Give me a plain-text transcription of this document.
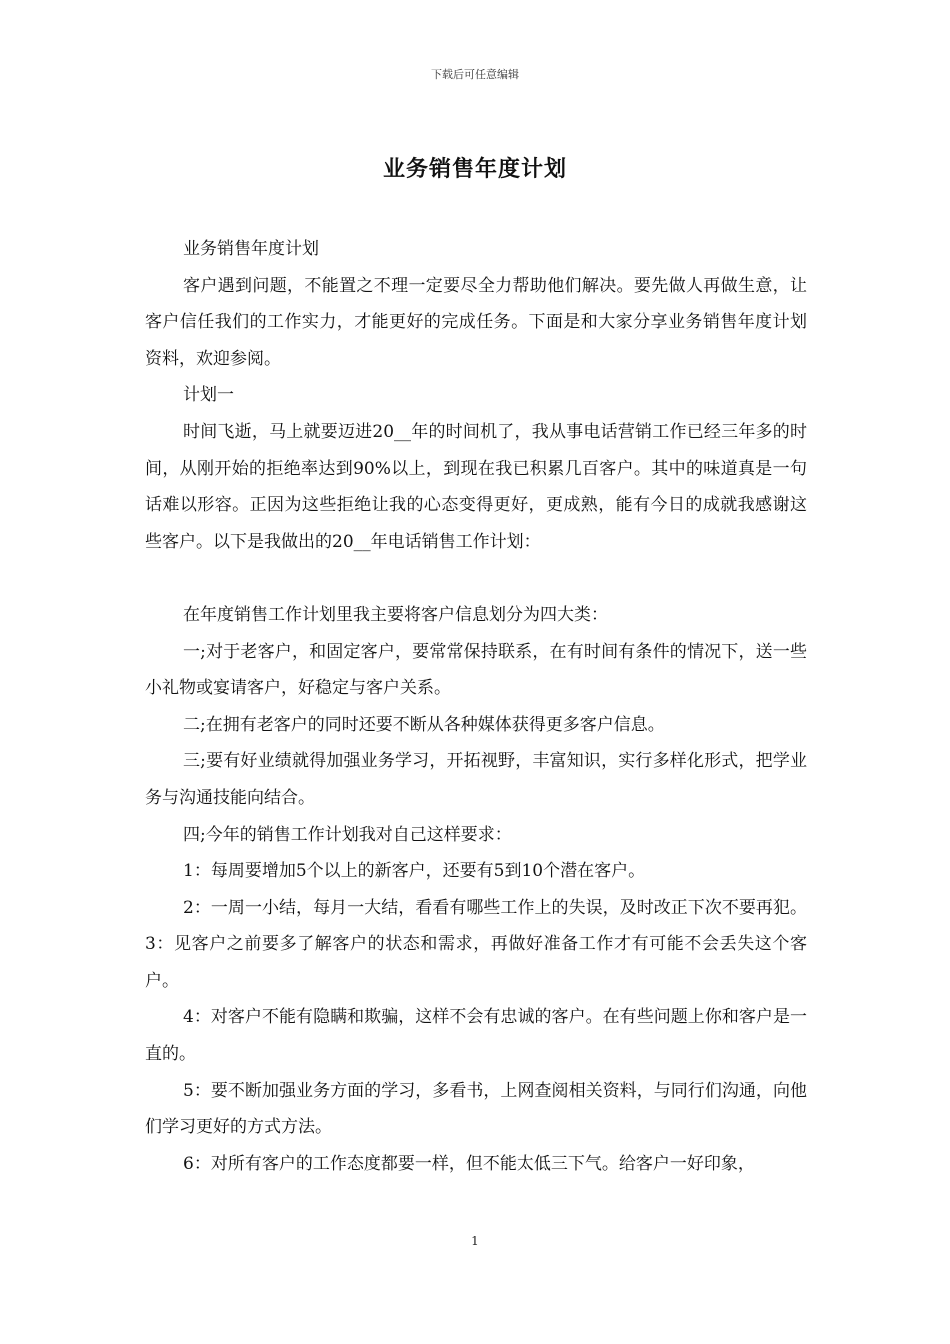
下载后可任意编辑
业务销售年度计划

业务销售年度计划

客户遇到问题，不能置之不理一定要尽全力帮助他们解决。要先做人再做生意，让客户信任我们的工作实力，才能更好的完成任务。下面是和大家分享业务销售年度计划资料，欢迎参阅。

计划一

时间飞逝，马上就要迈进20__年的时间机了，我从事电话营销工作已经三年多的时间，从刚开始的拒绝率达到90%以上，到现在我已积累几百客户。其中的味道真是一句话难以形容。正因为这些拒绝让我的心态变得更好，更成熟，能有今日的成就我感谢这些客户。以下是我做出的20__年电话销售工作计划：

在年度销售工作计划里我主要将客户信息划分为四大类：

一;对于老客户，和固定客户，要常常保持联系，在有时间有条件的情况下，送一些小礼物或宴请客户，好稳定与客户关系。

二;在拥有老客户的同时还要不断从各种媒体获得更多客户信息。

三;要有好业绩就得加强业务学习，开拓视野，丰富知识，实行多样化形式，把学业务与沟通技能向结合。

四;今年的销售工作计划我对自己这样要求：

1：每周要增加5个以上的新客户，还要有5到10个潜在客户。

2：一周一小结，每月一大结，看看有哪些工作上的失误，及时改正下次不要再犯。3：见客户之前要多了解客户的状态和需求，再做好准备工作才有可能不会丢失这个客户。

4：对客户不能有隐瞒和欺骗，这样不会有忠诚的客户。在有些问题上你和客户是一直的。

5：要不断加强业务方面的学习，多看书，上网查阅相关资料，与同行们沟通，向他们学习更好的方式方法。

6：对所有客户的工作态度都要一样，但不能太低三下气。给客户一好印象，

1
